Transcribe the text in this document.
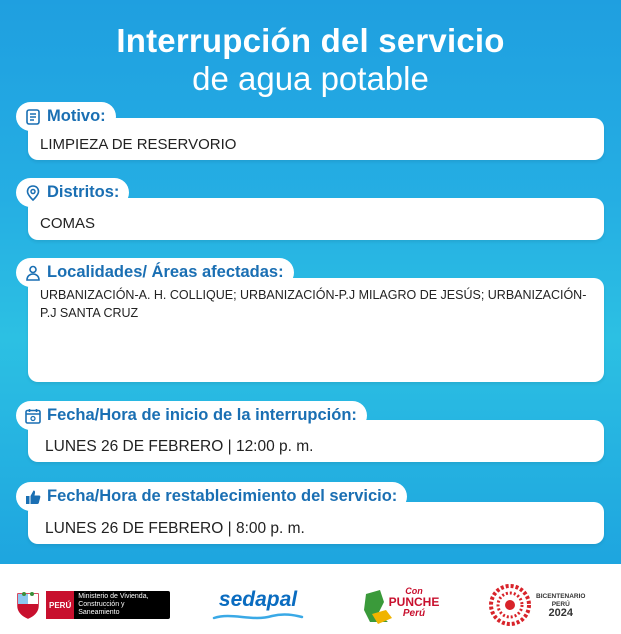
Interrupción del servicio
de agua potable
LIMPIEZA DE RESERVORIO
Motivo:
COMAS
Distritos:
URBANIZACIÓN-A. H. COLLIQUE; URBANIZACIÓN-P.J MILAGRO DE JESÚS; URBANIZACIÓN-P.J SANTA CRUZ
Localidades/ Áreas afectadas:
LUNES 26 DE FEBRERO | 12:00 p. m.
Fecha/Hora de inicio de la interrupción:
LUNES 26 DE FEBRERO | 8:00 p. m.
Fecha/Hora de restablecimiento del servicio:
PERÚ
Ministerio de Vivienda, Construcción y Saneamiento
sedapal	Con
PUNCHE
Perú
BICENTENARIO
PERÚ
2024
